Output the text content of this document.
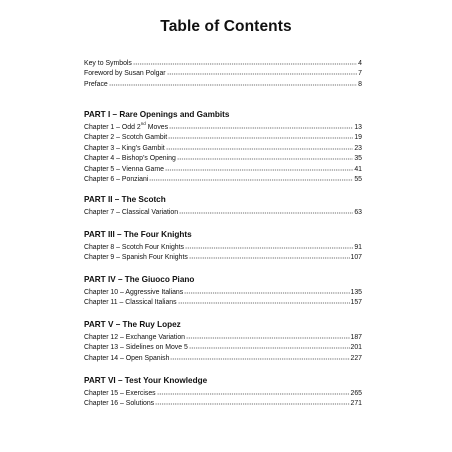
Table of Contents
Key to Symbols	4
Foreword by Susan Polgar	7
Preface	8
PART I – Rare Openings and Gambits
Chapter 1 – Odd 2nd Moves	13
Chapter 2 – Scotch Gambit	19
Chapter 3 – King’s Gambit	23
Chapter 4 – Bishop’s Opening	35
Chapter 5 – Vienna Game	41
Chapter 6 – Ponziani	55
PART II – The Scotch
Chapter 7 – Classical Variation	63
PART III – The Four Knights
Chapter 8 – Scotch Four Knights	91
Chapter 9 – Spanish Four Knights	107
PART IV – The Giuoco Piano
Chapter 10 – Aggressive Italians	135
Chapter 11 – Classical Italians	157
PART V – The Ruy Lopez
Chapter 12 – Exchange Variation	187
Chapter 13 – Sidelines on Move 5	201
Chapter 14 – Open Spanish	227
PART VI – Test Your Knowledge
Chapter 15 – Exercises	265
Chapter 16 – Solutions	271
